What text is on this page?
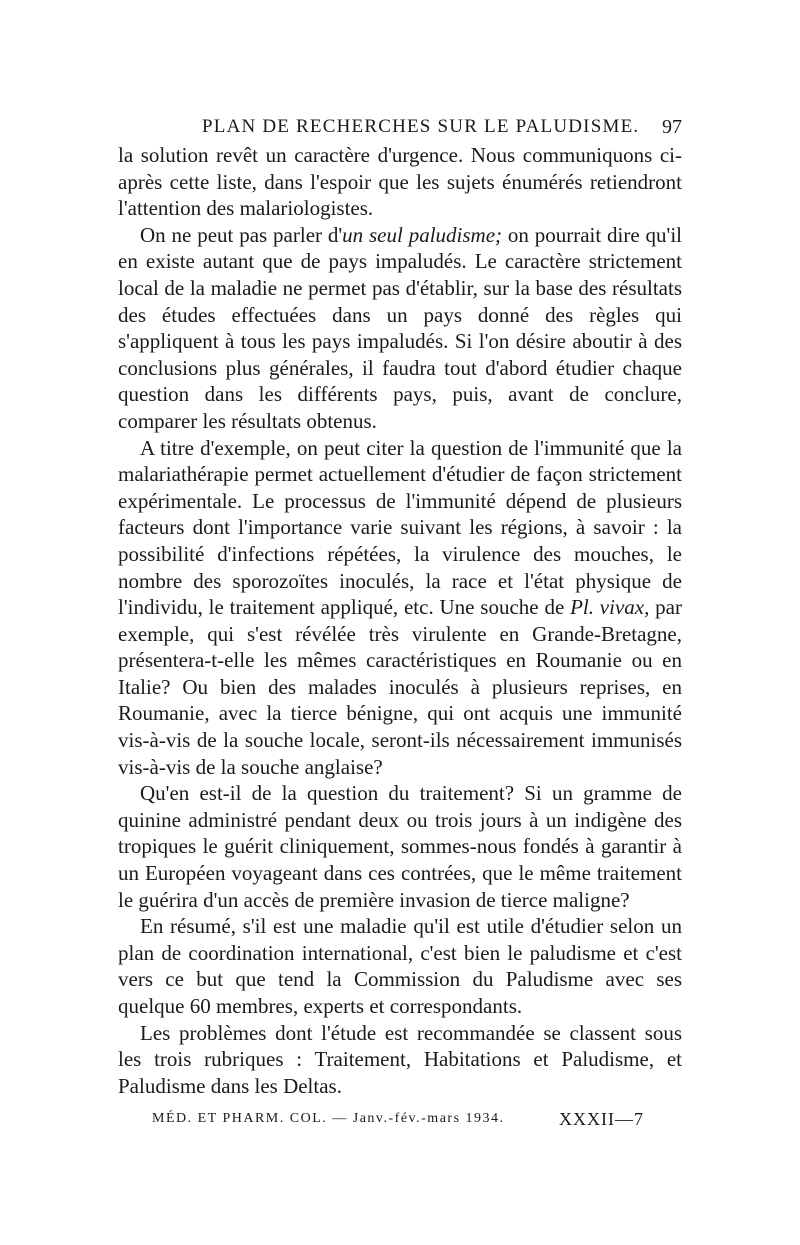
PLAN DE RECHERCHES SUR LE PALUDISME. 97

la solution revêt un caractère d'urgence. Nous communiquons ci-après cette liste, dans l'espoir que les sujets énumérés retiendront l'attention des malariologistes.

On ne peut pas parler d'un seul paludisme; on pourrait dire qu'il en existe autant que de pays impaludés. Le caractère strictement local de la maladie ne permet pas d'établir, sur la base des résultats des études effectuées dans un pays donné des règles qui s'appliquent à tous les pays impaludés. Si l'on désire aboutir à des conclusions plus générales, il faudra tout d'abord étudier chaque question dans les différents pays, puis, avant de conclure, comparer les résultats obtenus.

A titre d'exemple, on peut citer la question de l'immunité que la malariathérapie permet actuellement d'étudier de façon strictement expérimentale. Le processus de l'immunité dépend de plusieurs facteurs dont l'importance varie suivant les régions, à savoir : la possibilité d'infections répétées, la virulence des mouches, le nombre des sporozoïtes inoculés, la race et l'état physique de l'individu, le traitement appliqué, etc. Une souche de Pl. vivax, par exemple, qui s'est révélée très virulente en Grande-Bretagne, présentera-t-elle les mêmes caractéristiques en Roumanie ou en Italie? Ou bien des malades inoculés à plusieurs reprises, en Roumanie, avec la tierce bénigne, qui ont acquis une immunité vis-à-vis de la souche locale, seront-ils nécessairement immunisés vis-à-vis de la souche anglaise?

Qu'en est-il de la question du traitement? Si un gramme de quinine administré pendant deux ou trois jours à un indigène des tropiques le guérit cliniquement, sommes-nous fondés à garantir à un Européen voyageant dans ces contrées, que le même traitement le guérira d'un accès de première invasion de tierce maligne?

En résumé, s'il est une maladie qu'il est utile d'étudier selon un plan de coordination international, c'est bien le paludisme et c'est vers ce but que tend la Commission du Paludisme avec ses quelque 60 membres, experts et correspondants.

Les problèmes dont l'étude est recommandée se classent sous les trois rubriques : Traitement, Habitations et Paludisme, et Paludisme dans les Deltas.

MÉD. ET PHARM. COL. — Janv.-fév.-mars 1934.	XXXII—7
